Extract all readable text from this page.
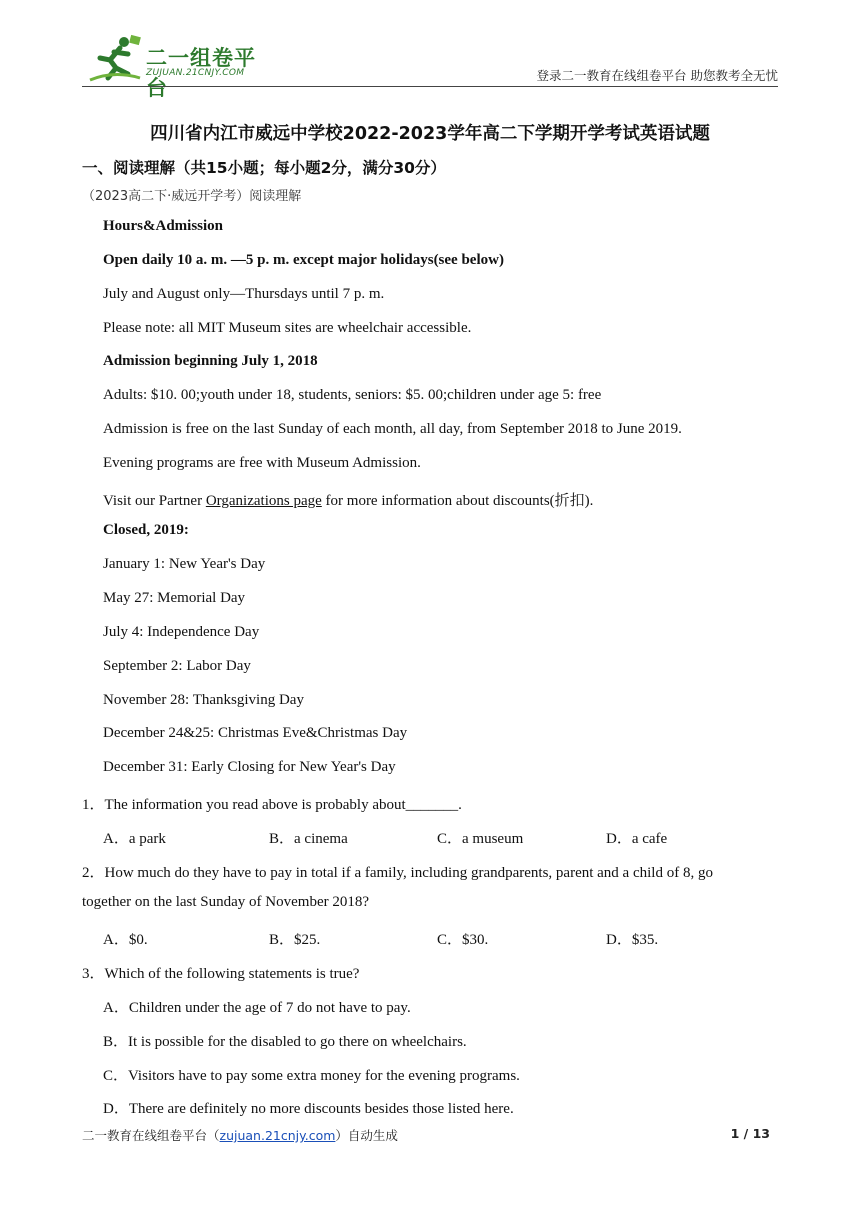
二一组卷平台
ZUJUAN.21CNJY.COM	登录二一教育在线组卷平台 助您教考全无忧
四川省内江市威远中学校2022-2023学年高二下学期开学考试英语试题
一、阅读理解（共15小题；每小题2分，满分30分）
（2023高二下·威远开学考）阅读理解
Hours&Admission
Open daily 10 a. m. —5 p. m. except major holidays(see below)
July and August only—Thursdays until 7 p. m.
Please note: all MIT Museum sites are wheelchair accessible.
Admission beginning July 1, 2018
Adults: $10. 00;youth under 18, students, seniors: $5. 00;children under age 5: free
Admission is free on the last Sunday of each month, all day, from September 2018 to June 2019.
Evening programs are free with Museum Admission.
Visit our Partner Organizations page for more information about discounts(折扣).
Closed, 2019:
January 1: New Year's Day
May 27: Memorial Day
July 4: Independence Day
September 2: Labor Day
November 28: Thanksgiving Day
December 24&25: Christmas Eve&Christmas Day
December 31: Early Closing for New Year's Day
1．The information you read above is probably about_______.
A．a park	B．a cinema	C．a museum	D．a cafe
2．How much do they have to pay in total if a family, including grandparents, parent and a child of 8, go
together on the last Sunday of November 2018?
A．$0.	B．$25.	C．$30.	D．$35.
3．Which of the following statements is true?
A．Children under the age of 7 do not have to pay.
B．It is possible for the disabled to go there on wheelchairs.
C．Visitors have to pay some extra money for the evening programs.
D．There are definitely no more discounts besides those listed here.
二一教育在线组卷平台（zujuan.21cnjy.com）自动生成	1 / 13
